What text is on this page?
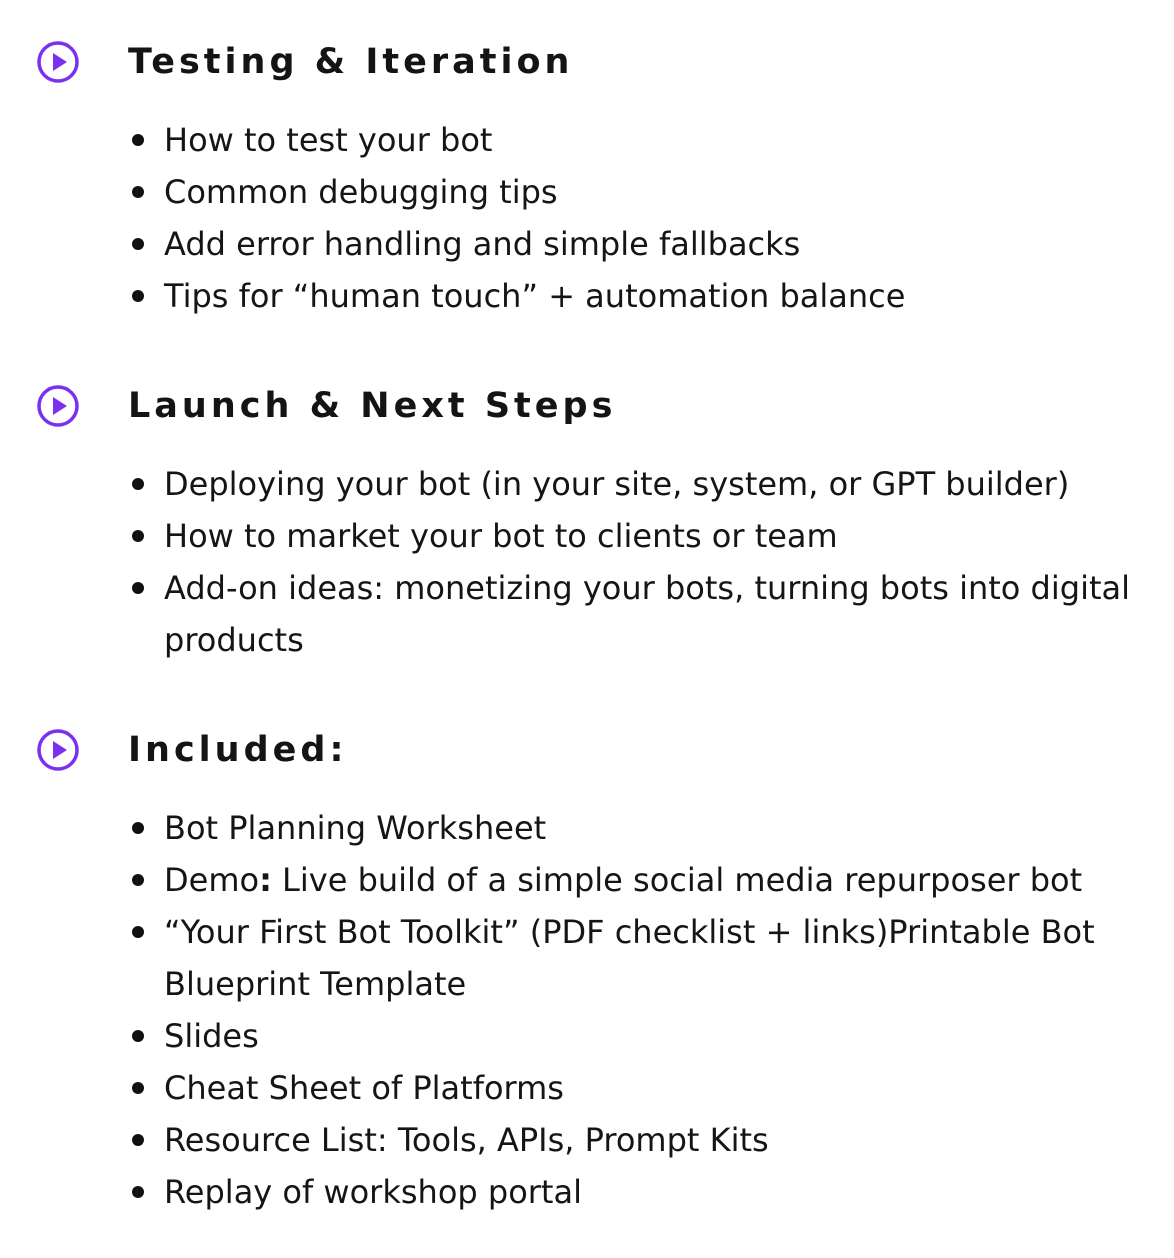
Testing & Iteration
How to test your bot
Common debugging tips
Add error handling and simple fallbacks
Tips for “human touch” + automation balance
Launch & Next Steps
Deploying your bot (in your site, system, or GPT builder)
How to market your bot to clients or team
Add-on ideas: monetizing your bots, turning bots into digital products
Included:
Bot Planning Worksheet
Demo: Live build of a simple social media repurposer bot
“Your First Bot Toolkit” (PDF checklist + links)Printable Bot Blueprint Template
Slides
Cheat Sheet of Platforms
Resource List: Tools, APIs, Prompt Kits
Replay of workshop portal
